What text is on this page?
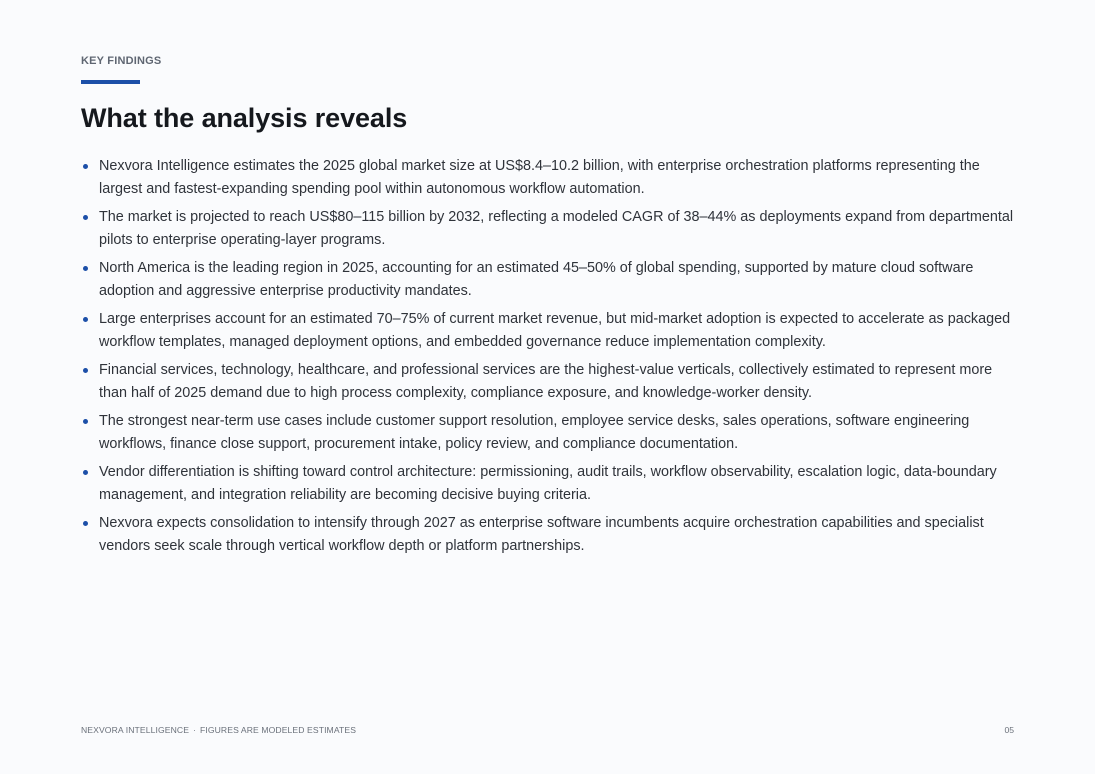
KEY FINDINGS
What the analysis reveals
Nexvora Intelligence estimates the 2025 global market size at US$8.4–10.2 billion, with enterprise orchestration platforms representing the largest and fastest-expanding spending pool within autonomous workflow automation.
The market is projected to reach US$80–115 billion by 2032, reflecting a modeled CAGR of 38–44% as deployments expand from departmental pilots to enterprise operating-layer programs.
North America is the leading region in 2025, accounting for an estimated 45–50% of global spending, supported by mature cloud software adoption and aggressive enterprise productivity mandates.
Large enterprises account for an estimated 70–75% of current market revenue, but mid-market adoption is expected to accelerate as packaged workflow templates, managed deployment options, and embedded governance reduce implementation complexity.
Financial services, technology, healthcare, and professional services are the highest-value verticals, collectively estimated to represent more than half of 2025 demand due to high process complexity, compliance exposure, and knowledge-worker density.
The strongest near-term use cases include customer support resolution, employee service desks, sales operations, software engineering workflows, finance close support, procurement intake, policy review, and compliance documentation.
Vendor differentiation is shifting toward control architecture: permissioning, audit trails, workflow observability, escalation logic, data-boundary management, and integration reliability are becoming decisive buying criteria.
Nexvora expects consolidation to intensify through 2027 as enterprise software incumbents acquire orchestration capabilities and specialist vendors seek scale through vertical workflow depth or platform partnerships.
NEXVORA INTELLIGENCE · FIGURES ARE MODELED ESTIMATES	05
